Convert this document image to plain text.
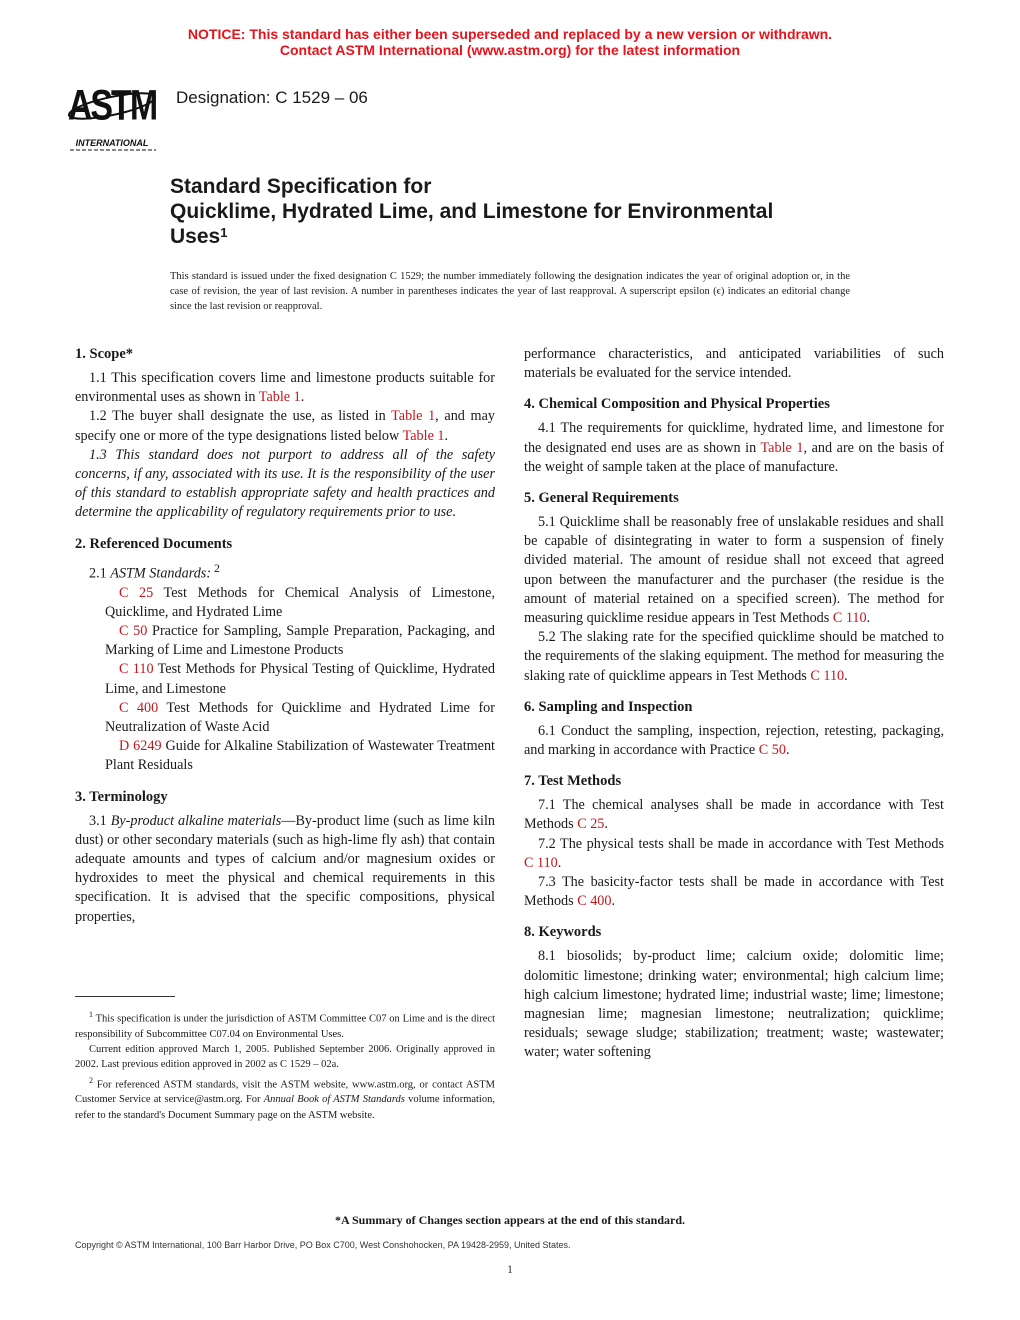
NOTICE: This standard has either been superseded and replaced by a new version or withdrawn.
Contact ASTM International (www.astm.org) for the latest information
ASTM
INTERNATIONAL
Designation: C 1529 – 06
Standard Specification for
Quicklime, Hydrated Lime, and Limestone for Environmental
Uses$^1$
This standard is issued under the fixed designation C 1529; the number immediately following the designation indicates the year of original adoption or, in the case of revision, the year of last revision. A number in parentheses indicates the year of last reapproval. A superscript epsilon (ϵ) indicates an editorial change since the last revision or reapproval.
1. Scope*

1.1 This specification covers lime and limestone products suitable for environmental uses as shown in Table 1.

1.2 The buyer shall designate the use, as listed in Table 1, and may specify one or more of the type designations listed below Table 1.

1.3 This standard does not purport to address all of the safety concerns, if any, associated with its use. It is the responsibility of the user of this standard to establish appropriate safety and health practices and determine the applicability of regulatory requirements prior to use.

2. Referenced Documents

2.1 ASTM Standards: $^2$

C 25 Test Methods for Chemical Analysis of Limestone, Quicklime, and Hydrated Lime

C 50 Practice for Sampling, Sample Preparation, Packaging, and Marking of Lime and Limestone Products

C 110 Test Methods for Physical Testing of Quicklime, Hydrated Lime, and Limestone

C 400 Test Methods for Quicklime and Hydrated Lime for Neutralization of Waste Acid

D 6249 Guide for Alkaline Stabilization of Wastewater Treatment Plant Residuals

3. Terminology

3.1 By-product alkaline materials—By-product lime (such as lime kiln dust) or other secondary materials (such as high-lime fly ash) that contain adequate amounts and types of calcium and/or magnesium oxides or hydroxides to meet the physical and chemical requirements in this specification. It is advised that the specific compositions, physical properties,

$^1$ This specification is under the jurisdiction of ASTM Committee C07 on Lime and is the direct responsibility of Subcommittee C07.04 on Environmental Uses.

Current edition approved March 1, 2005. Published September 2006. Originally approved in 2002. Last previous edition approved in 2002 as C 1529 – 02a.

$^2$ For referenced ASTM standards, visit the ASTM website, www.astm.org, or contact ASTM Customer Service at service@astm.org. For Annual Book of ASTM Standards volume information, refer to the standard's Document Summary page on the ASTM website.

performance characteristics, and anticipated variabilities of such materials be evaluated for the service intended.

4. Chemical Composition and Physical Properties

4.1 The requirements for quicklime, hydrated lime, and limestone for the designated end uses are as shown in Table 1, and are on the basis of the weight of sample taken at the place of manufacture.

5. General Requirements

5.1 Quicklime shall be reasonably free of unslakable residues and shall be capable of disintegrating in water to form a suspension of finely divided material. The amount of residue shall not exceed that agreed upon between the manufacturer and the purchaser (the residue is the amount of material retained on a specified screen). The method for measuring quicklime residue appears in Test Methods C 110.

5.2 The slaking rate for the specified quicklime should be matched to the requirements of the slaking equipment. The method for measuring the slaking rate of quicklime appears in Test Methods C 110.

6. Sampling and Inspection

6.1 Conduct the sampling, inspection, rejection, retesting, packaging, and marking in accordance with Practice C 50.

7. Test Methods

7.1 The chemical analyses shall be made in accordance with Test Methods C 25.

7.2 The physical tests shall be made in accordance with Test Methods C 110.

7.3 The basicity-factor tests shall be made in accordance with Test Methods C 400.

8. Keywords

8.1 biosolids; by-product lime; calcium oxide; dolomitic lime; dolomitic limestone; drinking water; environmental; high calcium lime; high calcium limestone; hydrated lime; industrial waste; lime; limestone; magnesian lime; magnesian limestone; neutralization; quicklime; residuals; sewage sludge; stabilization; treatment; waste; wastewater; water; water softening

*A Summary of Changes section appears at the end of this standard.
Copyright © ASTM International, 100 Barr Harbor Drive, PO Box C700, West Conshohocken, PA 19428-2959, United States.
1
